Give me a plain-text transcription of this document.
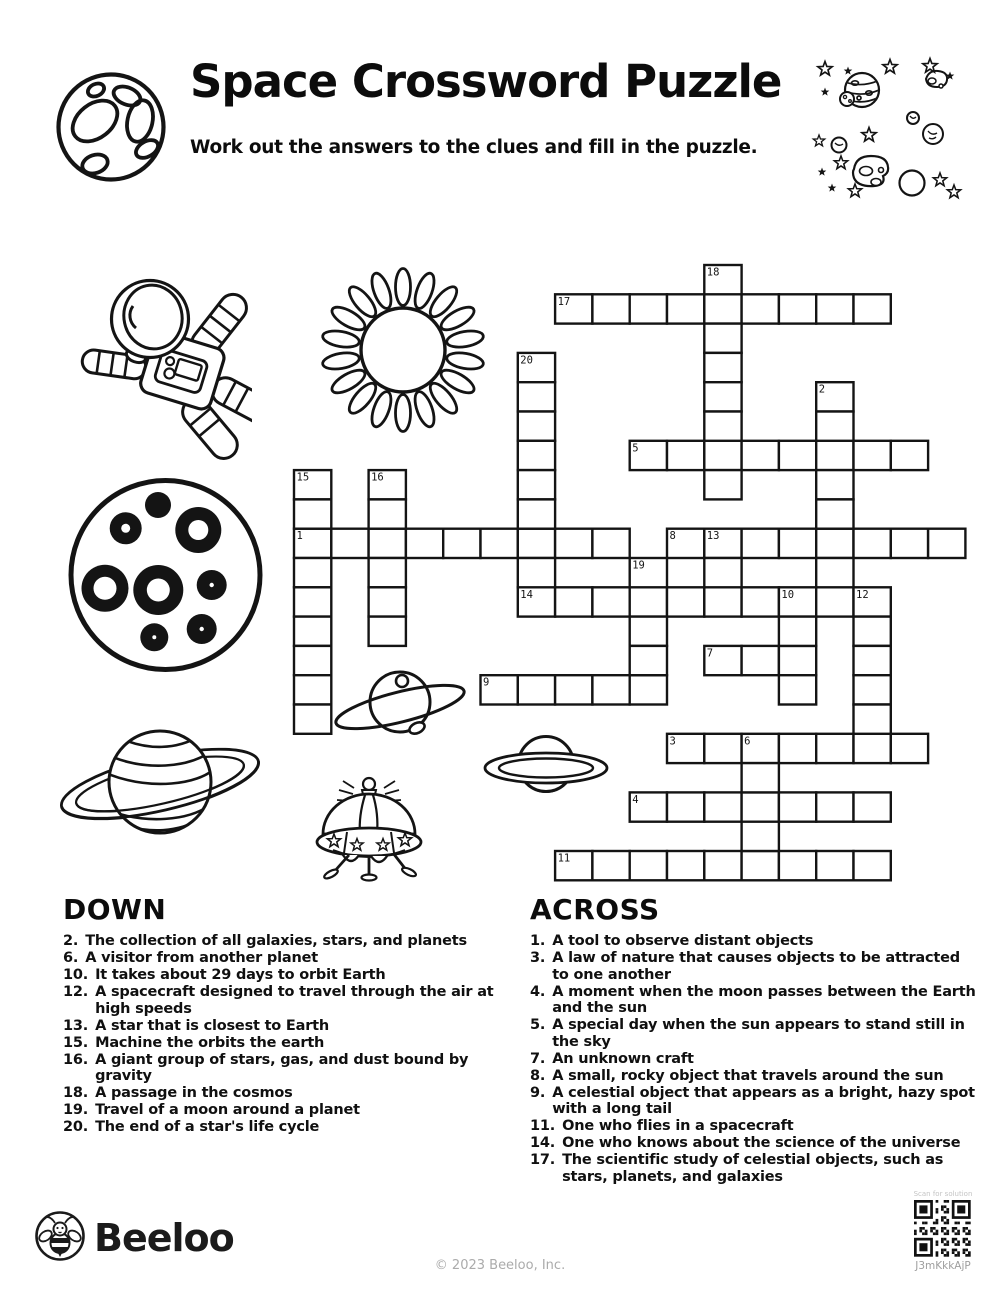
Space Crossword Puzzle
Work out the answers to the clues and fill in the puzzle.
1
3
4
5
7
8
9
11
14
17
2
6
10	12
13
15	16
18
19
20
DOWN
2. The collection of all galaxies, stars, and planets
6. A visitor from another planet
10. It takes about 29 days to orbit Earth
12. A spacecraft designed to travel through the air at high speeds
13. A star that is closest to Earth
15. Machine the orbits the earth
16. A giant group of stars, gas, and dust bound by gravity
18. A passage in the cosmos
19. Travel of a moon around a planet
20. The end of a star's life cycle
ACROSS
1. A tool to observe distant objects
3. A law of nature that causes objects to be attracted to one another
4. A moment when the moon passes between the Earth and the sun
5. A special day when the sun appears to stand still in the sky
7. An unknown craft
8. A small, rocky object that travels around the sun
9. A celestial object that appears as a bright, hazy spot with a long tail
11. One who flies in a spacecraft
14. One who knows about the science of the universe
17. The scientific study of celestial objects, such as stars, planets, and galaxies
Beeloo
© 2023 Beeloo, Inc.
Scan for solution
J3mKkkAjP
